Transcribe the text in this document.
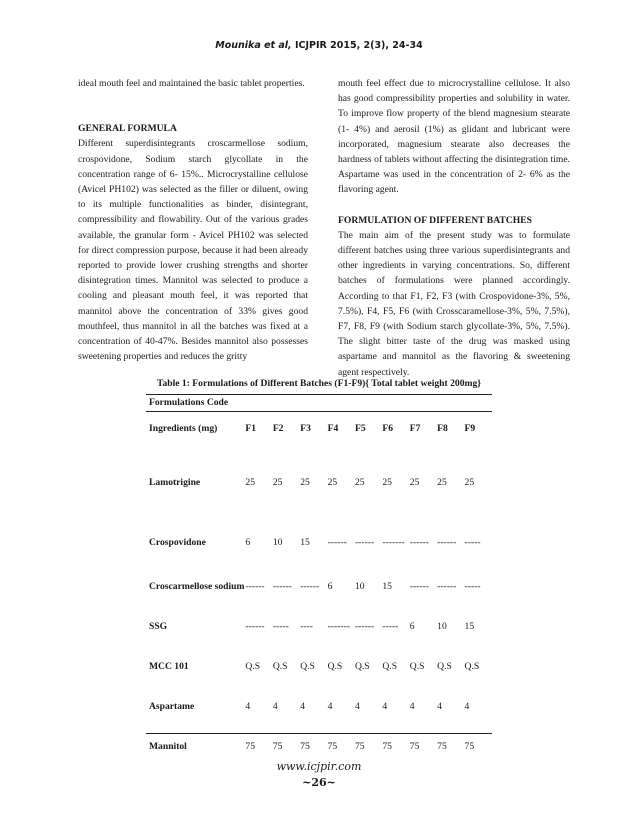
Mounika et al, ICJPIR 2015, 2(3), 24-34

ideal mouth feel and maintained the basic tablet properties.

GENERAL FORMULA

Different superdisintegrants croscarmellose sodium, crospovidone, Sodium starch glycollate in the concentration range of 6- 15%.. Microcrystalline cellulose (Avicel PH102) was selected as the filler or diluent, owing to its multiple functionalities as binder, disintegrant, compressibility and flowability. Out of the various grades available, the granular form - Avicel PH102 was selected for direct compression purpose, because it had been already reported to provide lower crushing strengths and shorter disintegration times. Mannitol was selected to produce a cooling and pleasant mouth feel, it was reported that mannitol above the concentration of 33% gives good mouthfeel, thus mannitol in all the batches was fixed at a concentration of 40-47%. Besides mannitol also possesses sweetening properties and reduces the gritty

mouth feel effect due to microcrystalline cellulose. It also has good compressibility properties and solubility in water. To improve flow property of the blend magnesium stearate (1- 4%) and aerosil (1%) as glidant and lubricant were incorporated, magnesium stearate also decreases the hardness of tablets without affecting the disintegration time. Aspartame was used in the concentration of 2- 6% as the flavoring agent.

FORMULATION OF DIFFERENT BATCHES

The main aim of the present study was to formulate different batches using three various superdisintegrants and other ingredients in varying concentrations. So, different batches of formulations were planned accordingly. According to that F1, F2, F3 (with Crospovidone-3%, 5%, 7.5%), F4, F5, F6 (with Crosscaramellose-3%, 5%, 7.5%), F7, F8, F9 (with Sodium starch glycollate-3%, 5%, 7.5%). The slight bitter taste of the drug was masked using aspartame and mannitol as the flavoring & sweetening agent respectively.

Table 1: Formulations of Different Batches (F1-F9){ Total tablet weight 200mg}
Formulations Code
Ingredients (mg)	F1	F2	F3	F4	F5	F6	F7	F8	F9
Lamotrigine	25	25	25	25	25	25	25	25	25
Crospovidone	6	10	15	------	------	-------	------	------	-----
Croscarmellose sodium	------	------	------	6	10	15	------	------	-----
SSG	------	-----	----	-------	------	-----	6	10	15
MCC 101	Q.S	Q.S	Q.S	Q.S	Q.S	Q.S	Q.S	Q.S	Q.S
Aspartame	4	4	4	4	4	4	4	4	4
Mannitol	75	75	75	75	75	75	75	75	75
www.icjpir.com
~26~
